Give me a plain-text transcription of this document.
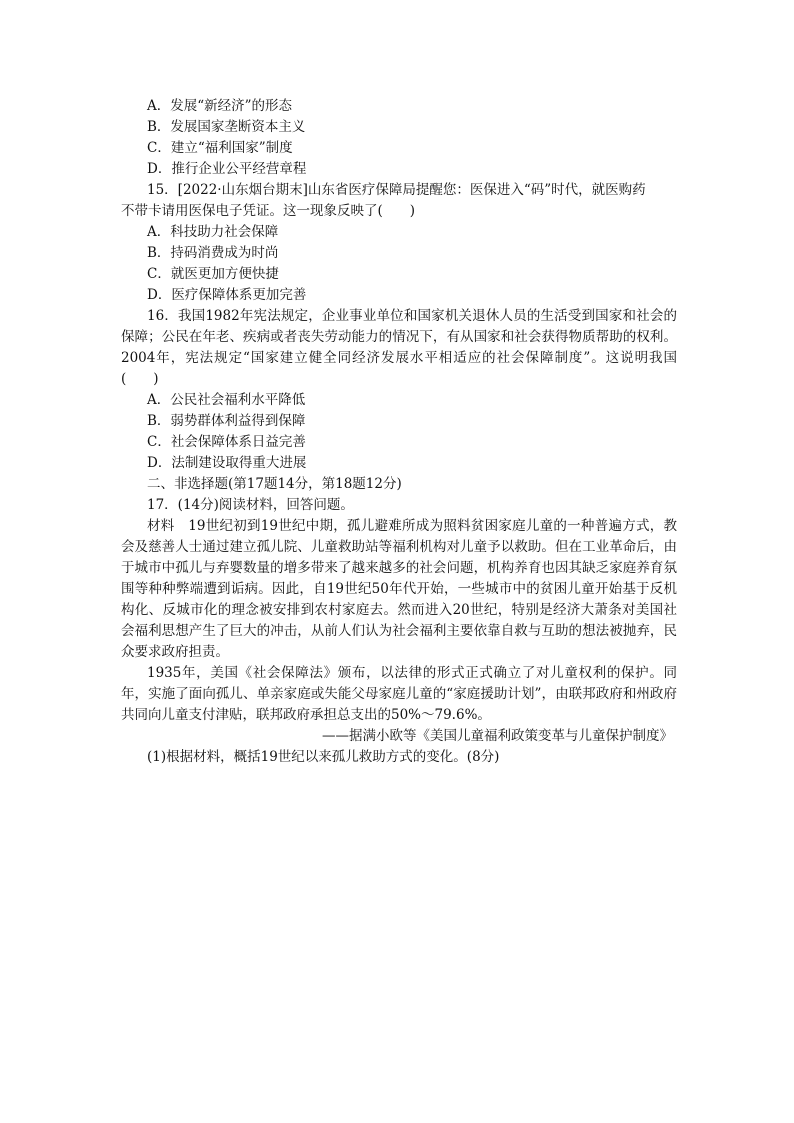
A．发展“新经济”的形态
B．发展国家垄断资本主义
C．建立“福利国家”制度
D．推行企业公平经营章程
15．[2022·山东烟台期末]山东省医疗保障局提醒您：医保进入“码”时代，就医购药
不带卡请用医保电子凭证。这一现象反映了(　　)
A．科技助力社会保障
B．持码消费成为时尚
C．就医更加方便快捷
D．医疗保障体系更加完善
16．我国1982年宪法规定，企业事业单位和国家机关退休人员的生活受到国家和社会的保障；公民在年老、疾病或者丧失劳动能力的情况下，有从国家和社会获得物质帮助的权利。2004年，宪法规定“国家建立健全同经济发展水平相适应的社会保障制度”。这说明我国(　　)
A．公民社会福利水平降低
B．弱势群体利益得到保障
C．社会保障体系日益完善
D．法制建设取得重大进展
二、非选择题(第17题14分，第18题12分)
17．(14分)阅读材料，回答问题。
材料　19世纪初到19世纪中期，孤儿避难所成为照料贫困家庭儿童的一种普遍方式，教会及慈善人士通过建立孤儿院、儿童救助站等福利机构对儿童予以救助。但在工业革命后，由于城市中孤儿与弃婴数量的增多带来了越来越多的社会问题，机构养育也因其缺乏家庭养育氛围等种种弊端遭到诟病。因此，自19世纪50年代开始，一些城市中的贫困儿童开始基于反机构化、反城市化的理念被安排到农村家庭去。然而进入20世纪，特别是经济大萧条对美国社会福利思想产生了巨大的冲击，从前人们认为社会福利主要依靠自救与互助的想法被抛弃，民众要求政府担责。
1935年，美国《社会保障法》颁布，以法律的形式正式确立了对儿童权利的保护。同年，实施了面向孤儿、单亲家庭或失能父母家庭儿童的“家庭援助计划”，由联邦政府和州政府共同向儿童支付津贴，联邦政府承担总支出的50%～79.6%。
——据满小欧等《美国儿童福利政策变革与儿童保护制度》
(1)根据材料，概括19世纪以来孤儿救助方式的变化。(8分)
